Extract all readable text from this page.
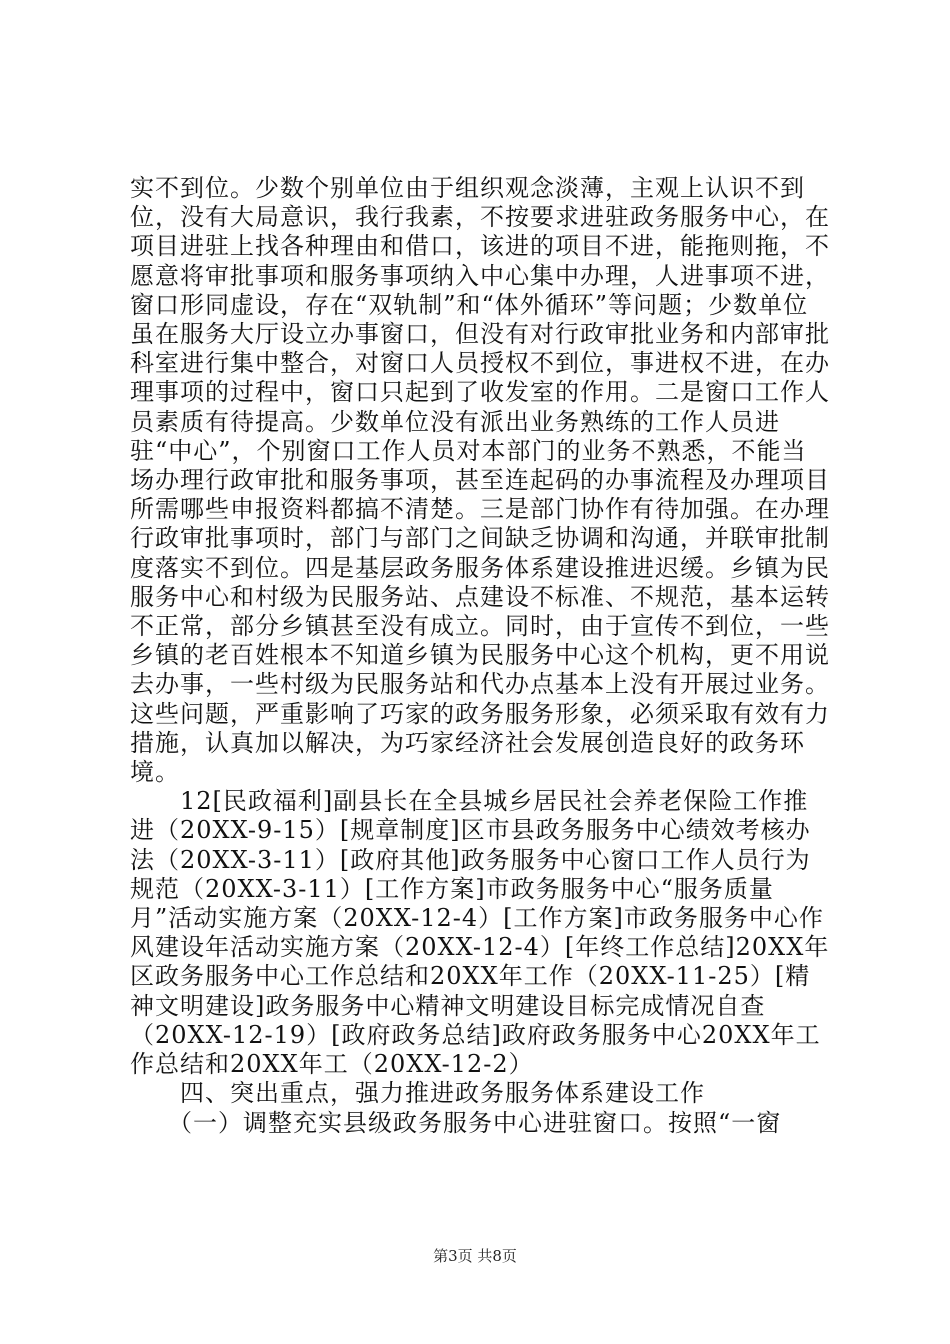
实不到位。少数个别单位由于组织观念淡薄，主观上认识不到位，没有大局意识，我行我素，不按要求进驻政务服务中心，在项目进驻上找各种理由和借口，该进的项目不进，能拖则拖，不愿意将审批事项和服务事项纳入中心集中办理，人进事项不进，窗口形同虚设，存在“双轨制”和“体外循环”等问题；少数单位虽在服务大厅设立办事窗口，但没有对行政审批业务和内部审批科室进行集中整合，对窗口人员授权不到位，事进权不进，在办理事项的过程中，窗口只起到了收发室的作用。二是窗口工作人员素质有待提高。少数单位没有派出业务熟练的工作人员进驻“中心”，个别窗口工作人员对本部门的业务不熟悉，不能当场办理行政审批和服务事项，甚至连起码的办事流程及办理项目所需哪些申报资料都搞不清楚。三是部门协作有待加强。在办理行政审批事项时，部门与部门之间缺乏协调和沟通，并联审批制度落实不到位。四是基层政务服务体系建设推进迟缓。乡镇为民服务中心和村级为民服务站、点建设不标准、不规范，基本运转不正常，部分乡镇甚至没有成立。同时，由于宣传不到位，一些乡镇的老百姓根本不知道乡镇为民服务中心这个机构，更不用说去办事，一些村级为民服务站和代办点基本上没有开展过业务。这些问题，严重影响了巧家的政务服务形象，必须采取有效有力措施，认真加以解决，为巧家经济社会发展创造良好的政务环境。

　　12[民政福利]副县长在全县城乡居民社会养老保险工作推进（20XX-9-15）[规章制度]区市县政务服务中心绩效考核办法（20XX-3-11）[政府其他]政务服务中心窗口工作人员行为规范（20XX-3-11）[工作方案]市政务服务中心“服务质量月”活动实施方案（20XX-12-4）[工作方案]市政务服务中心作风建设年活动实施方案（20XX-12-4）[年终工作总结]20XX年区政务服务中心工作总结和20XX年工作（20XX-11-25）[精神文明建设]政务服务中心精神文明建设目标完成情况自查（20XX-12-19）[政府政务总结]政府政务服务中心20XX年工作总结和20XX年工（20XX-12-2）

　　四、突出重点，强力推进政务服务体系建设工作

　　（一）调整充实县级政务服务中心进驻窗口。按照“一窗

第3页 共8页
